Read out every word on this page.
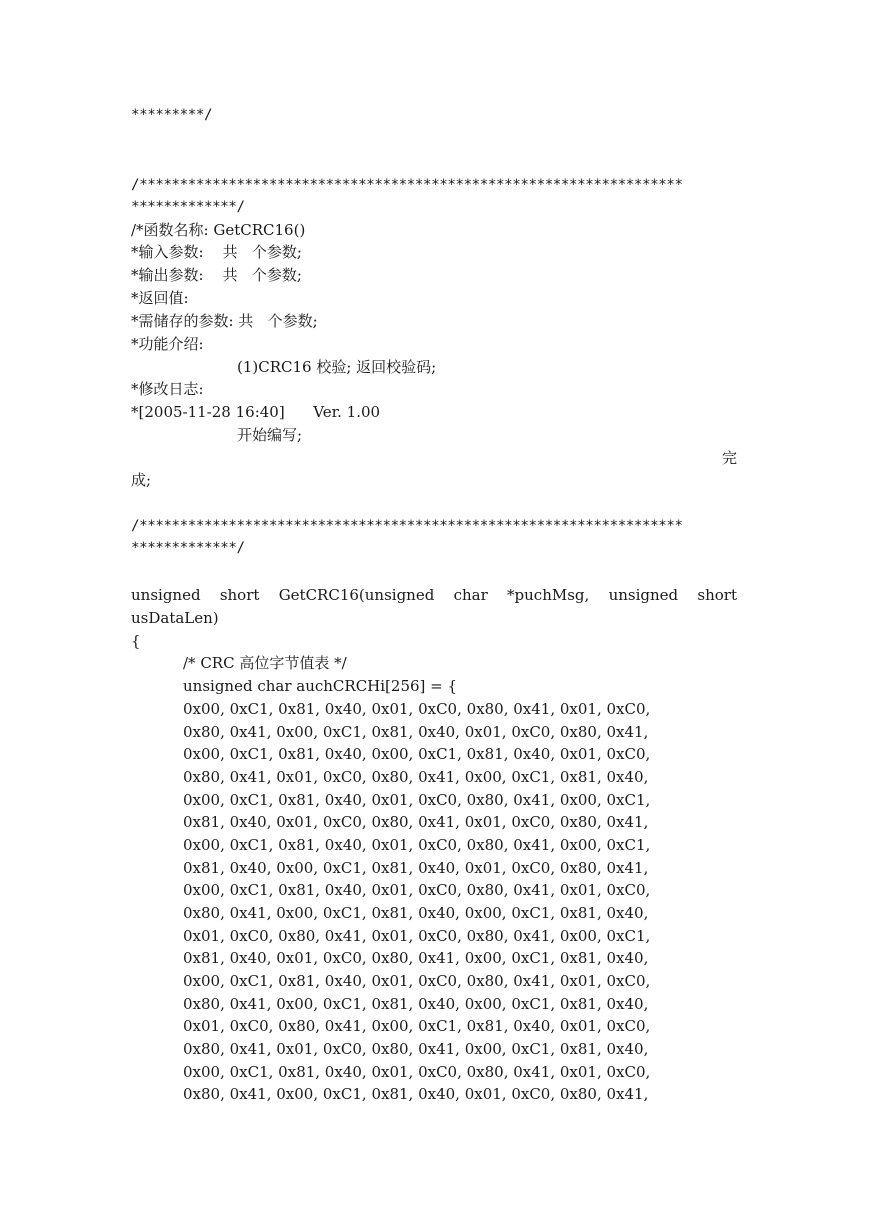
*********/
/*******************************************************************
*************/
/*函数名称: GetCRC16()
*输入参数:    共   个参数;
*输出参数:    共   个参数;
*返回值:
*需储存的参数: 共   个参数;
*功能介绍:
(1)CRC16 校验; 返回校验码;
*修改日志:
*[2005-11-28 16:40]      Ver. 1.00
开始编写;
完
成;

/*******************************************************************
*************/
unsigned short GetCRC16(unsigned char *puchMsg, unsigned short
usDataLen)
{
/* CRC 高位字节值表 */
unsigned char auchCRCHi[256] = {
0x00, 0xC1, 0x81, 0x40, 0x01, 0xC0, 0x80, 0x41, 0x01, 0xC0,
0x80, 0x41, 0x00, 0xC1, 0x81, 0x40, 0x01, 0xC0, 0x80, 0x41,
0x00, 0xC1, 0x81, 0x40, 0x00, 0xC1, 0x81, 0x40, 0x01, 0xC0,
0x80, 0x41, 0x01, 0xC0, 0x80, 0x41, 0x00, 0xC1, 0x81, 0x40,
0x00, 0xC1, 0x81, 0x40, 0x01, 0xC0, 0x80, 0x41, 0x00, 0xC1,
0x81, 0x40, 0x01, 0xC0, 0x80, 0x41, 0x01, 0xC0, 0x80, 0x41,
0x00, 0xC1, 0x81, 0x40, 0x01, 0xC0, 0x80, 0x41, 0x00, 0xC1,
0x81, 0x40, 0x00, 0xC1, 0x81, 0x40, 0x01, 0xC0, 0x80, 0x41,
0x00, 0xC1, 0x81, 0x40, 0x01, 0xC0, 0x80, 0x41, 0x01, 0xC0,
0x80, 0x41, 0x00, 0xC1, 0x81, 0x40, 0x00, 0xC1, 0x81, 0x40,
0x01, 0xC0, 0x80, 0x41, 0x01, 0xC0, 0x80, 0x41, 0x00, 0xC1,
0x81, 0x40, 0x01, 0xC0, 0x80, 0x41, 0x00, 0xC1, 0x81, 0x40,
0x00, 0xC1, 0x81, 0x40, 0x01, 0xC0, 0x80, 0x41, 0x01, 0xC0,
0x80, 0x41, 0x00, 0xC1, 0x81, 0x40, 0x00, 0xC1, 0x81, 0x40,
0x01, 0xC0, 0x80, 0x41, 0x00, 0xC1, 0x81, 0x40, 0x01, 0xC0,
0x80, 0x41, 0x01, 0xC0, 0x80, 0x41, 0x00, 0xC1, 0x81, 0x40,
0x00, 0xC1, 0x81, 0x40, 0x01, 0xC0, 0x80, 0x41, 0x01, 0xC0,
0x80, 0x41, 0x00, 0xC1, 0x81, 0x40, 0x01, 0xC0, 0x80, 0x41,
